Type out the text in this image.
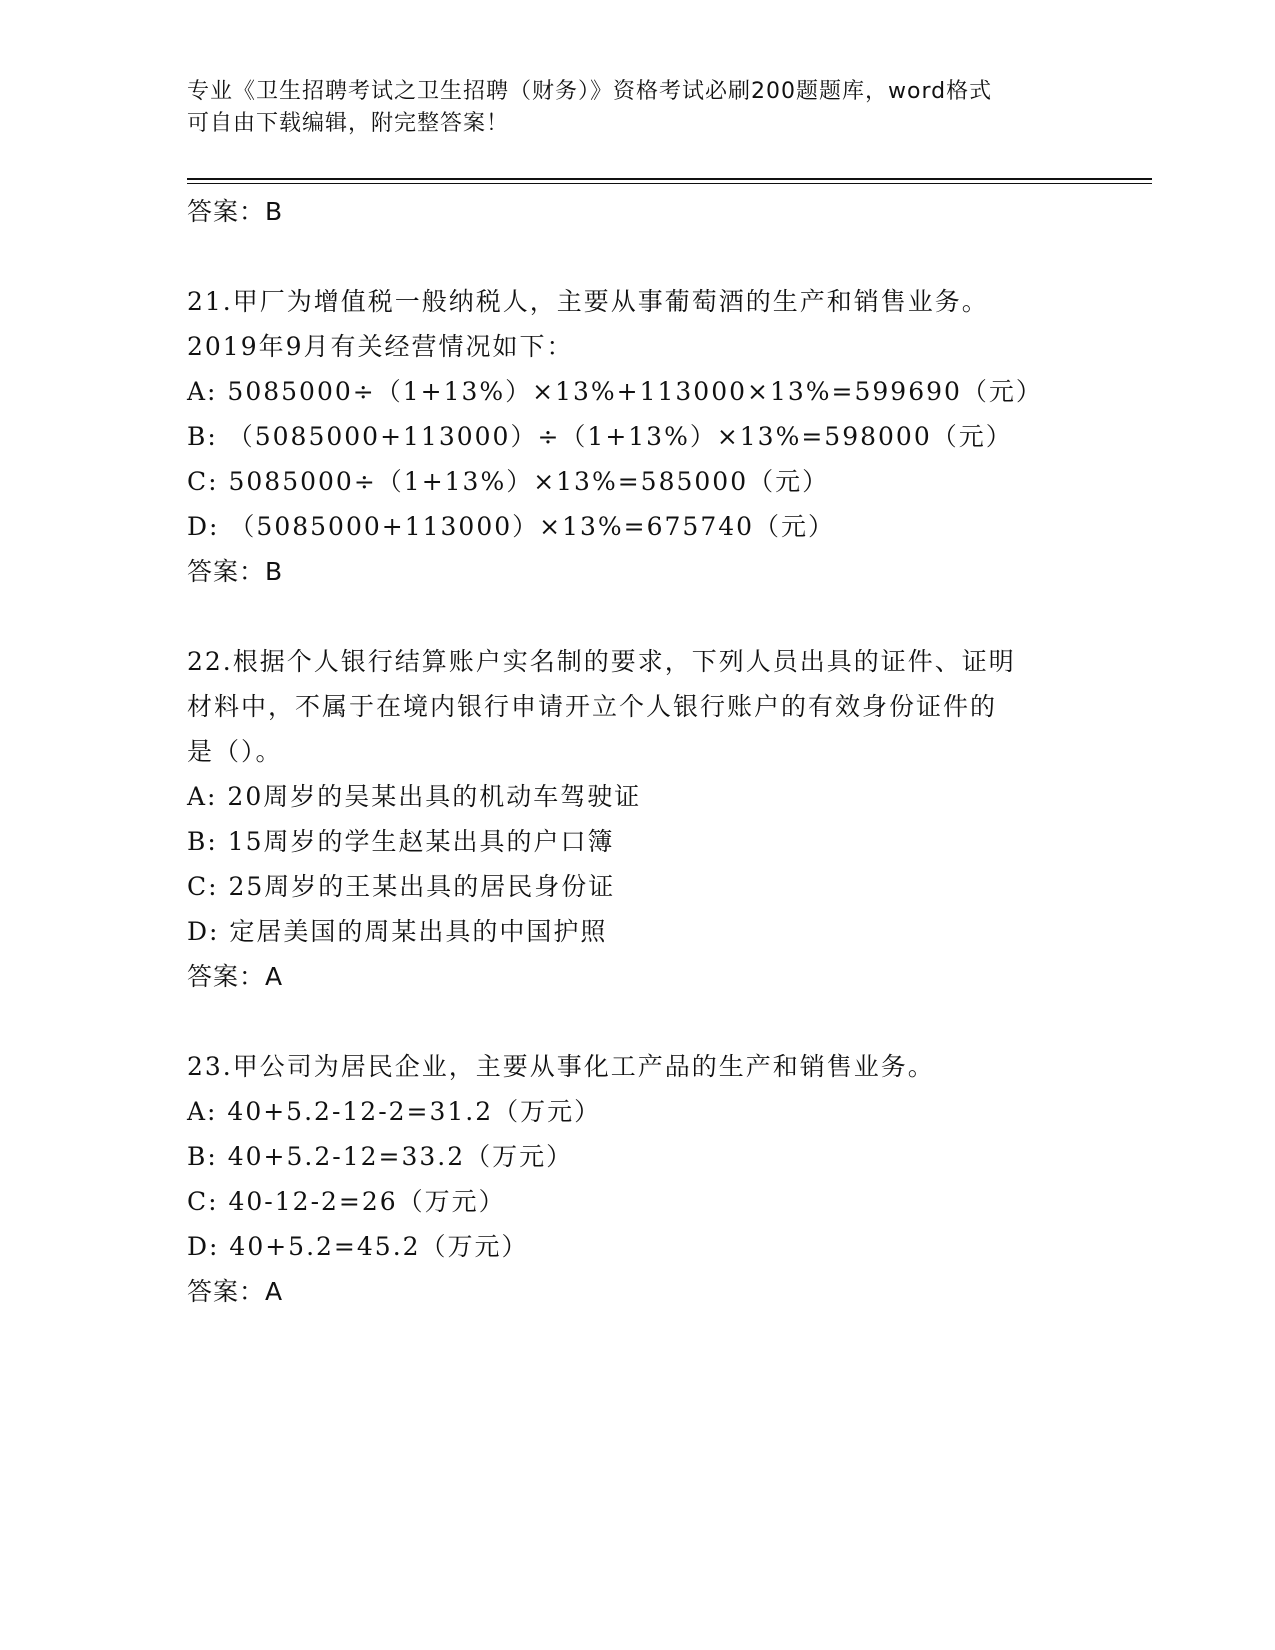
专业《卫生招聘考试之卫生招聘（财务）》资格考试必刷200题题库，word格式
可自由下载编辑，附完整答案！
答案：B
21.甲厂为增值税一般纳税人，主要从事葡萄酒的生产和销售业务。
2019年9月有关经营情况如下：
A: 5085000÷（1+13%）×13%+113000×13%=599690（元）
B: （5085000+113000）÷（1+13%）×13%=598000（元）
C: 5085000÷（1+13%）×13%=585000（元）
D: （5085000+113000）×13%=675740（元）
答案：B
22.根据个人银行结算账户实名制的要求，下列人员出具的证件、证明
材料中，不属于在境内银行申请开立个人银行账户的有效身份证件的
是（）。
A: 20周岁的吴某出具的机动车驾驶证
B: 15周岁的学生赵某出具的户口簿
C: 25周岁的王某出具的居民身份证
D: 定居美国的周某出具的中国护照
答案：A
23.甲公司为居民企业，主要从事化工产品的生产和销售业务。
A: 40+5.2-12-2=31.2（万元）
B: 40+5.2-12=33.2（万元）
C: 40-12-2=26（万元）
D: 40+5.2=45.2（万元）
答案：A
